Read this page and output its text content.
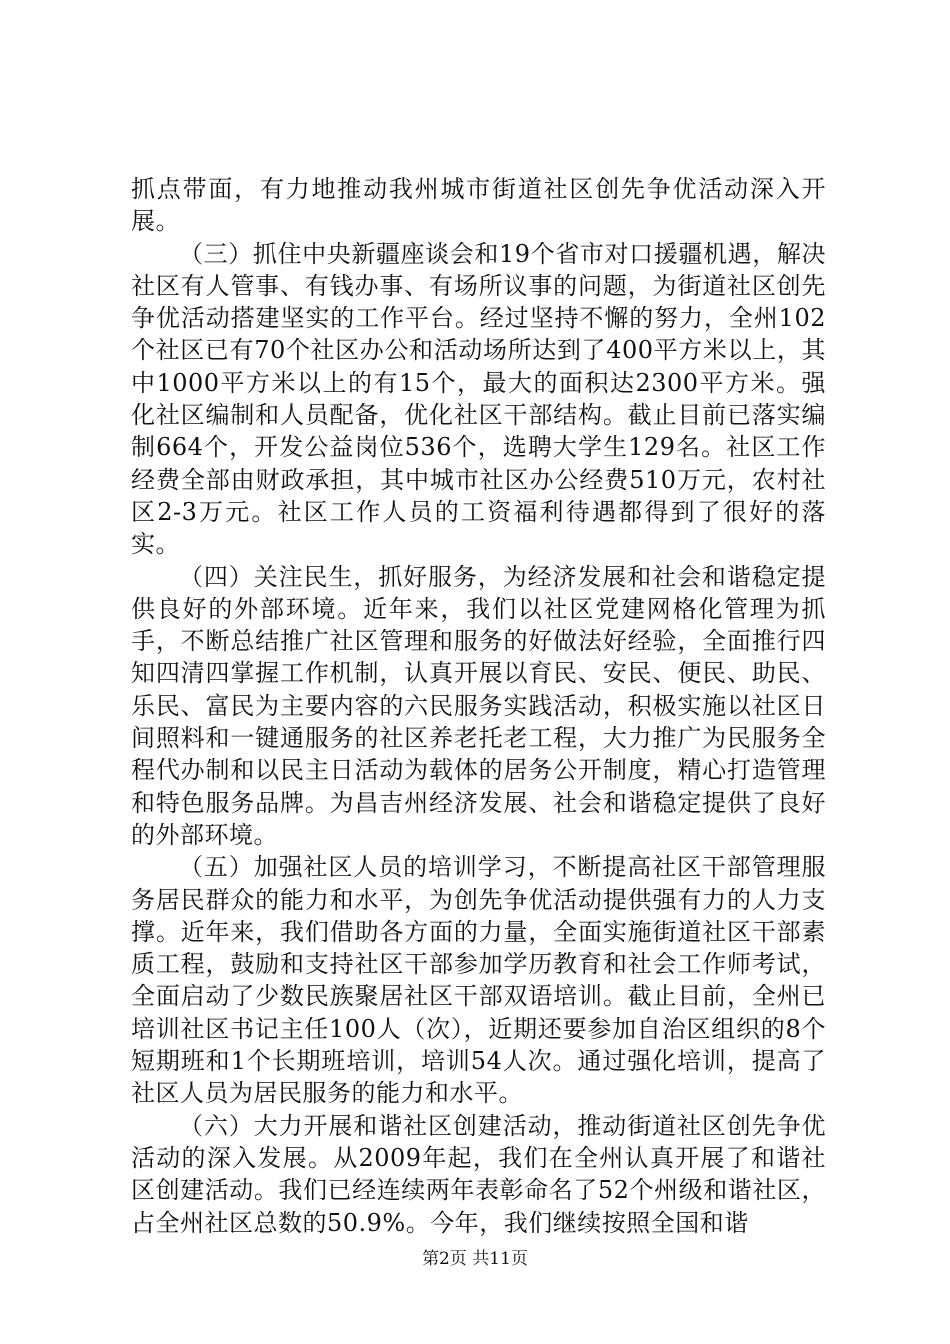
抓点带面，有力地推动我州城市街道社区创先争优活动深入开展。

（三）抓住中央新疆座谈会和19个省市对口援疆机遇，解决社区有人管事、有钱办事、有场所议事的问题，为街道社区创先争优活动搭建坚实的工作平台。经过坚持不懈的努力，全州102个社区已有70个社区办公和活动场所达到了400平方米以上，其中1000平方米以上的有15个，最大的面积达2300平方米。强化社区编制和人员配备，优化社区干部结构。截止目前已落实编制664个，开发公益岗位536个，选聘大学生129名。社区工作经费全部由财政承担，其中城市社区办公经费510万元，农村社区2-3万元。社区工作人员的工资福利待遇都得到了很好的落实。

（四）关注民生，抓好服务，为经济发展和社会和谐稳定提供良好的外部环境。近年来，我们以社区党建网格化管理为抓手，不断总结推广社区管理和服务的好做法好经验，全面推行四知四清四掌握工作机制，认真开展以育民、安民、便民、助民、乐民、富民为主要内容的六民服务实践活动，积极实施以社区日间照料和一键通服务的社区养老托老工程，大力推广为民服务全程代办制和以民主日活动为载体的居务公开制度，精心打造管理和特色服务品牌。为昌吉州经济发展、社会和谐稳定提供了良好的外部环境。

（五）加强社区人员的培训学习，不断提高社区干部管理服务居民群众的能力和水平，为创先争优活动提供强有力的人力支撑。近年来，我们借助各方面的力量，全面实施街道社区干部素质工程，鼓励和支持社区干部参加学历教育和社会工作师考试，全面启动了少数民族聚居社区干部双语培训。截止目前，全州已培训社区书记主任100人（次），近期还要参加自治区组织的8个短期班和1个长期班培训，培训54人次。通过强化培训，提高了社区人员为居民服务的能力和水平。

（六）大力开展和谐社区创建活动，推动街道社区创先争优活动的深入发展。从2009年起，我们在全州认真开展了和谐社区创建活动。我们已经连续两年表彰命名了52个州级和谐社区，占全州社区总数的50.9%。今年，我们继续按照全国和谐

第2页 共11页
